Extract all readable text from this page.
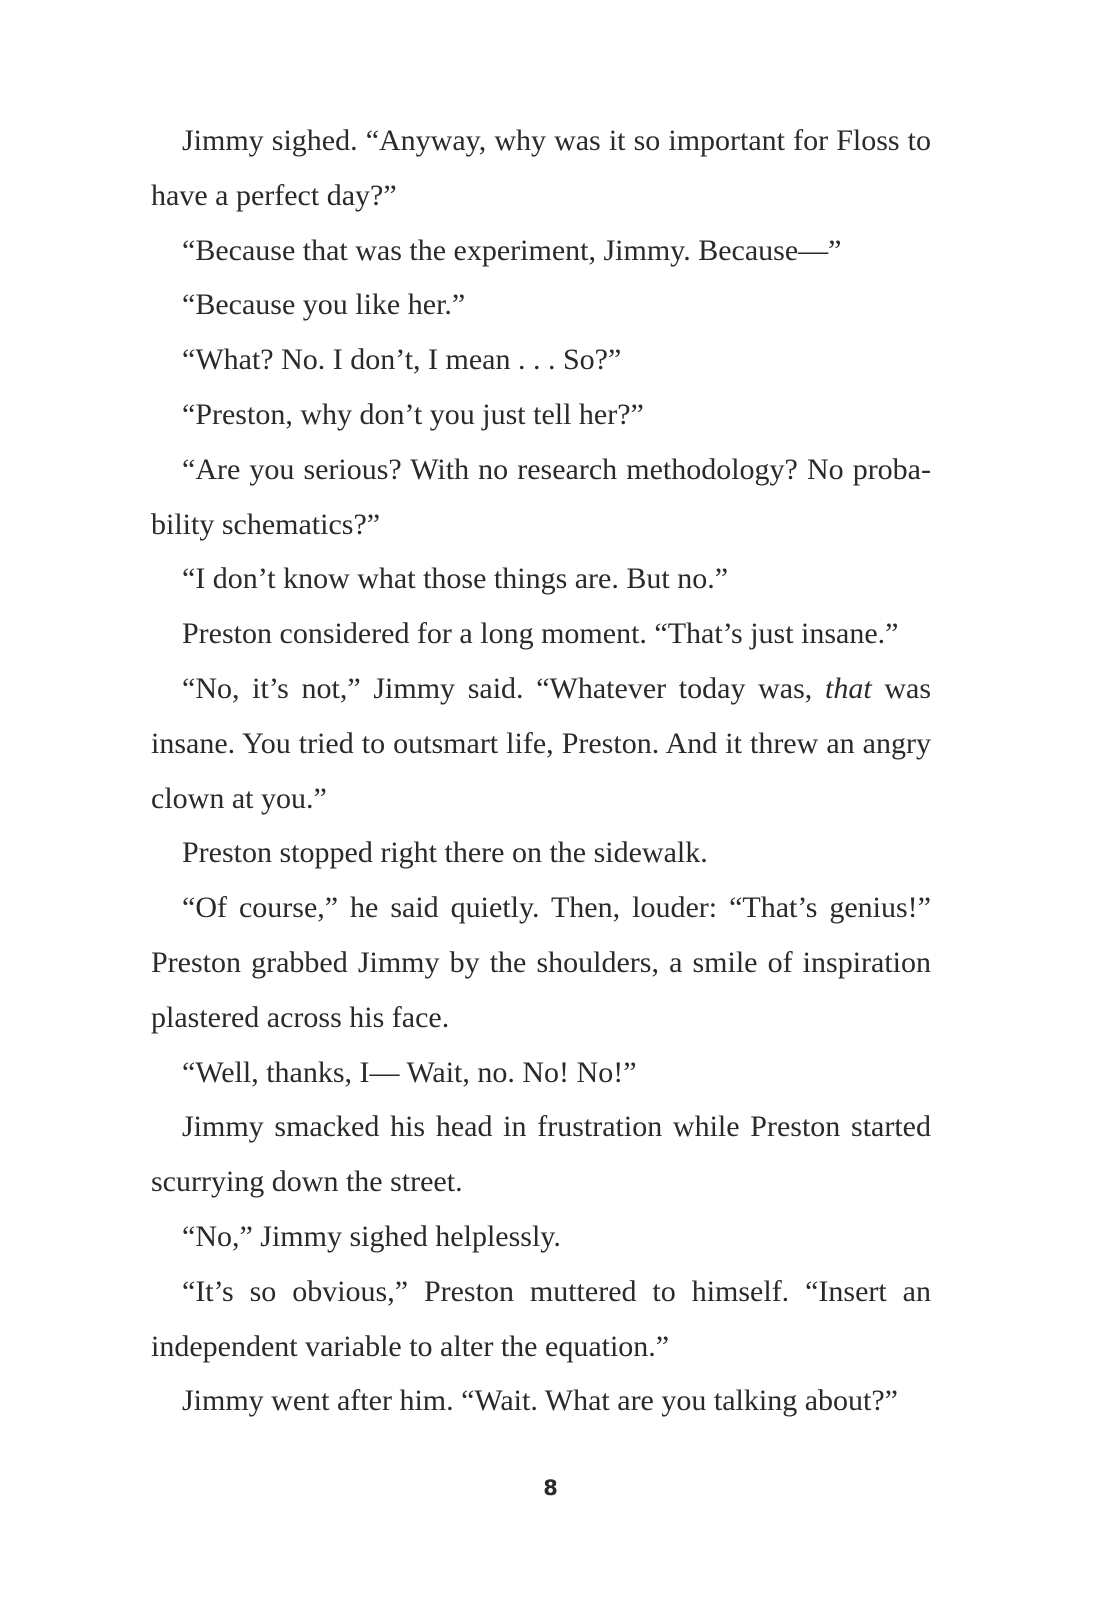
Jimmy sighed. “Anyway, why was it so important for Floss to have a perfect day?”

“Because that was the experiment, Jimmy. Because—”

“Because you like her.”

“What? No. I don’t, I mean . . . So?”

“Preston, why don’t you just tell her?”

“Are you serious? With no research methodology? No proba-bility schematics?”

“I don’t know what those things are. But no.”

Preston considered for a long moment. “That’s just insane.”

“No, it’s not,” Jimmy said. “Whatever today was, that was insane. You tried to outsmart life, Preston. And it threw an angry clown at you.”

Preston stopped right there on the sidewalk.

“Of course,” he said quietly. Then, louder: “That’s genius!” Preston grabbed Jimmy by the shoulders, a smile of inspiration plastered across his face.

“Well, thanks, I— Wait, no. No! No!”

Jimmy smacked his head in frustration while Preston started scurrying down the street.

“No,” Jimmy sighed helplessly.

“It’s so obvious,” Preston muttered to himself. “Insert an independent variable to alter the equation.”

Jimmy went after him. “Wait. What are you talking about?”

8
